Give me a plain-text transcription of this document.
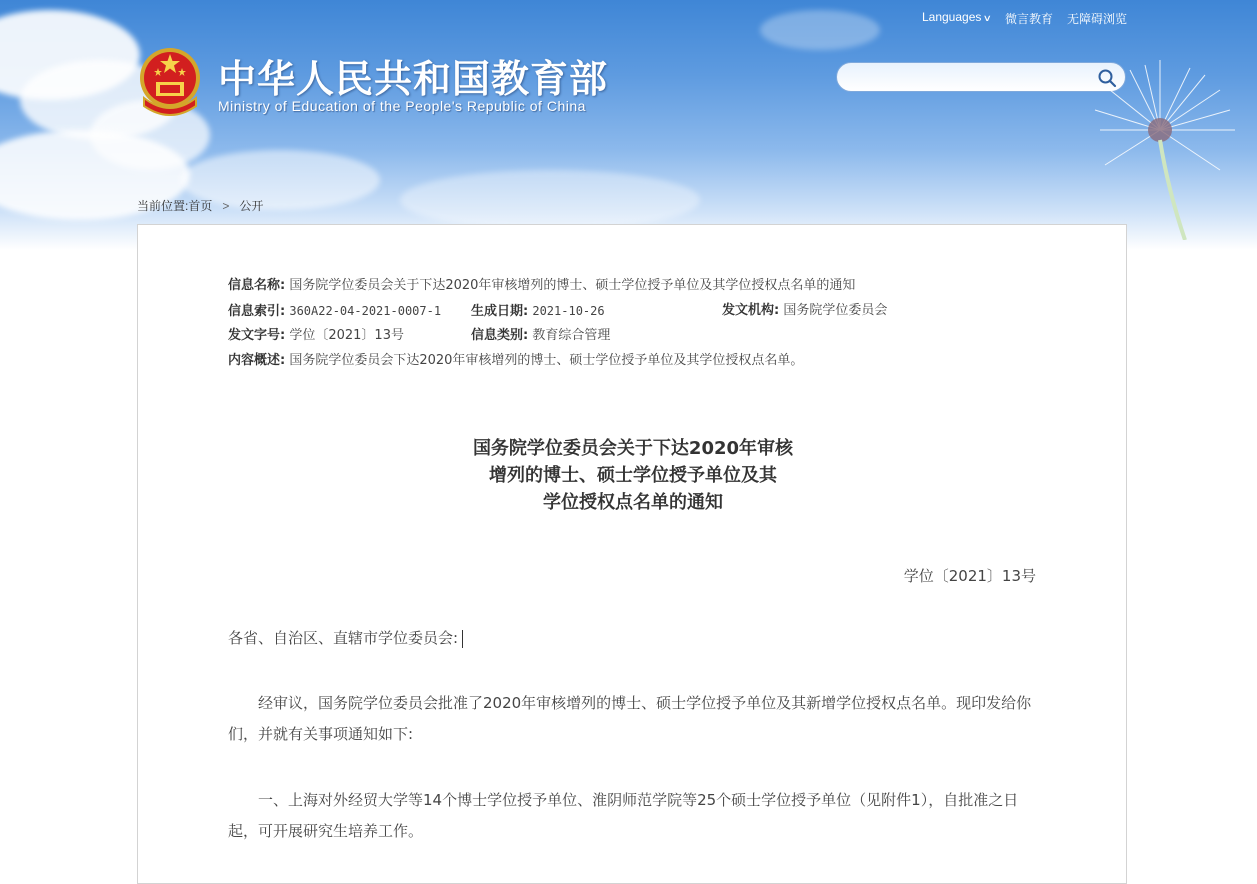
Languages ∨ 微言教育 无障碍浏览
中华人民共和国教育部
Ministry of Education of the People's Republic of China
当前位置:首页 > 公开
信息名称: 国务院学位委员会关于下达2020年审核增列的博士、硕士学位授予单位及其学位授权点名单的通知
信息索引: 360A22-04-2021-0007-1 生成日期: 2021-10-26	发文机构: 国务院学位委员会
发文字号: 学位〔2021〕13号	信息类别: 教育综合管理
内容概述: 国务院学位委员会下达2020年审核增列的博士、硕士学位授予单位及其学位授权点名单。
国务院学位委员会关于下达2020年审核
增列的博士、硕士学位授予单位及其
学位授权点名单的通知
学位〔2021〕13号
各省、自治区、直辖市学位委员会:
经审议，国务院学位委员会批准了2020年审核增列的博士、硕士学位授予单位及其新增学位授权点名单。现印发给你们，并就有关事项通知如下:
一、上海对外经贸大学等14个博士学位授予单位、淮阴师范学院等25个硕士学位授予单位（见附件1），自批准之日起，可开展研究生培养工作。
